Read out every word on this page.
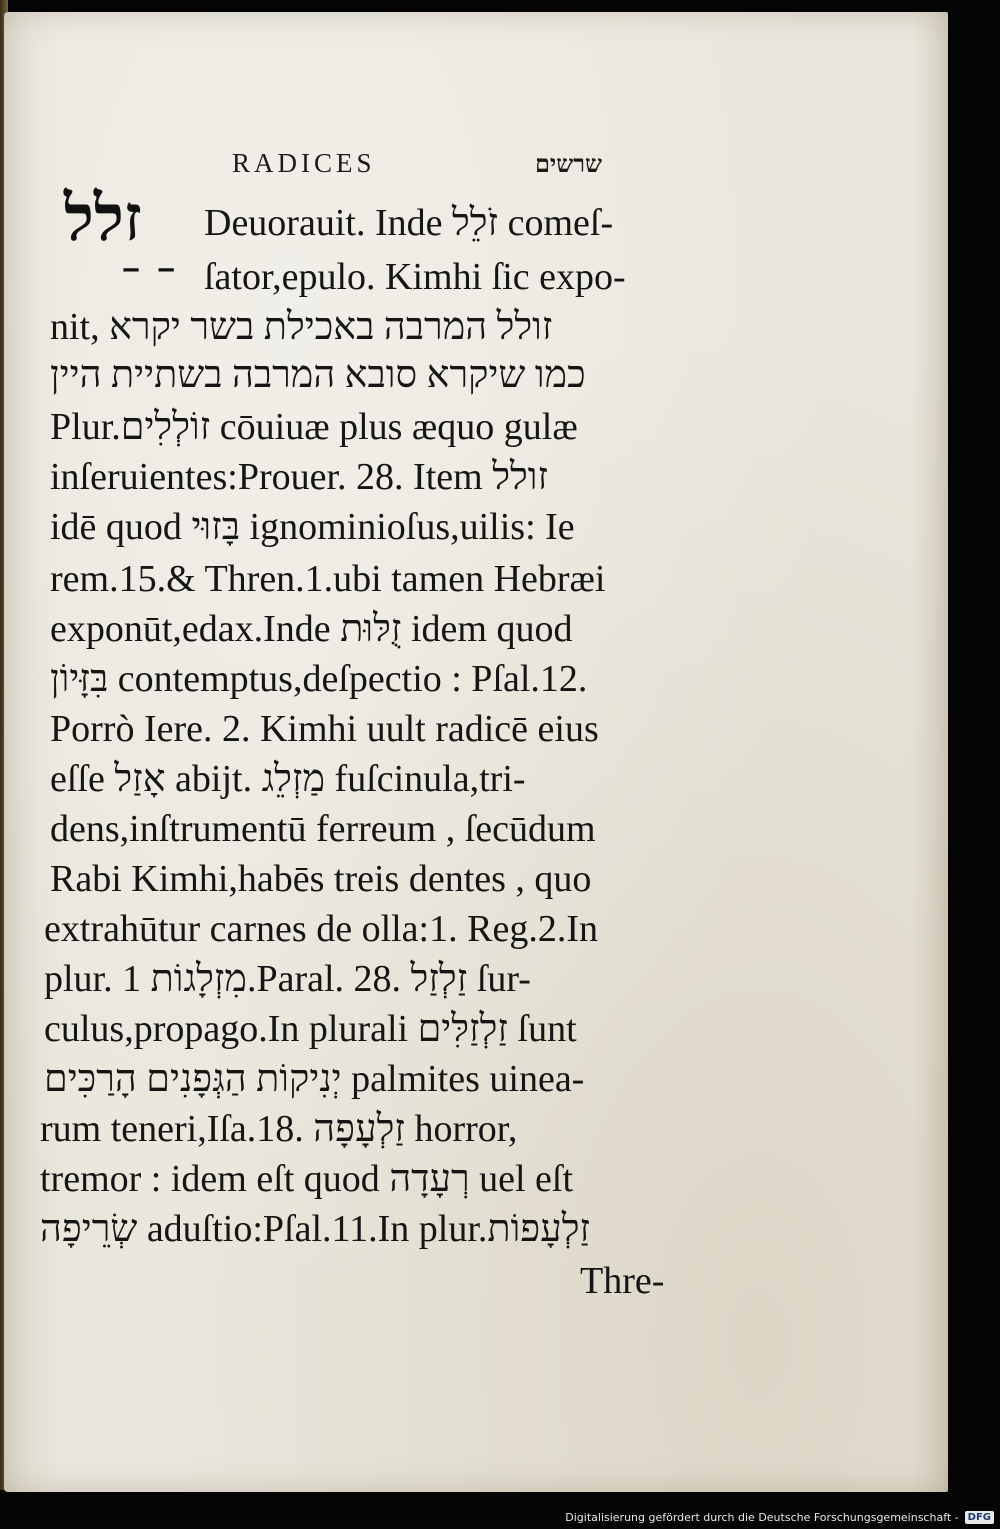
RADICES	שרשים
זלל
‒ ‒
Deuorauit. Inde זֹלֵל comeſ-
ſator,epulo. Kimhi ſic expo-
nit, זולל המרבה באכילת בשר יקרא
כמו שיקרא סובא המרבה בשתיית היין
Plur.זוֹלְלִים cōuiuæ plus æquo gulæ
inſeruientes:Prouer. 28. Item זולל
idē quod בָּזוּי ignominioſus,uilis: Ie
rem.15.& Thren.1.ubi tamen Hebræi
exponūt,edax.Inde זֻלּוּת idem quod
בִּזָּיוֹן contemptus,deſpectio : Pſal.12.
Porrò Iere. 2. Kimhi uult radicē eius
eſſe אָזַל abijt. מַזְלֵג fuſcinula,tri-
dens,inſtrumentū ferreum , ſecūdum
Rabi Kimhi,habēs treis dentes , quo
extrahūtur carnes de olla:1. Reg.2.In
plur. מִזְלָגוֹת 1.Paral. 28. זַלְזַל ſur-
culus,propago.In plurali זַלְזַלִּים ſunt
יְנִיקוֹת הַגְּפָנִים הָרַכִּים palmites uinea-
rum teneri,Iſa.18. זַלְעָפָה horror,
tremor : idem eſt quod רְעָדָה uel eſt
שְׂרֵיפָה aduſtio:Pſal.11.In plur.זַלְעָפוֹת
Thre-
Digitalisierung gefördert durch die Deutsche Forschungsgemeinschaft - DFG
